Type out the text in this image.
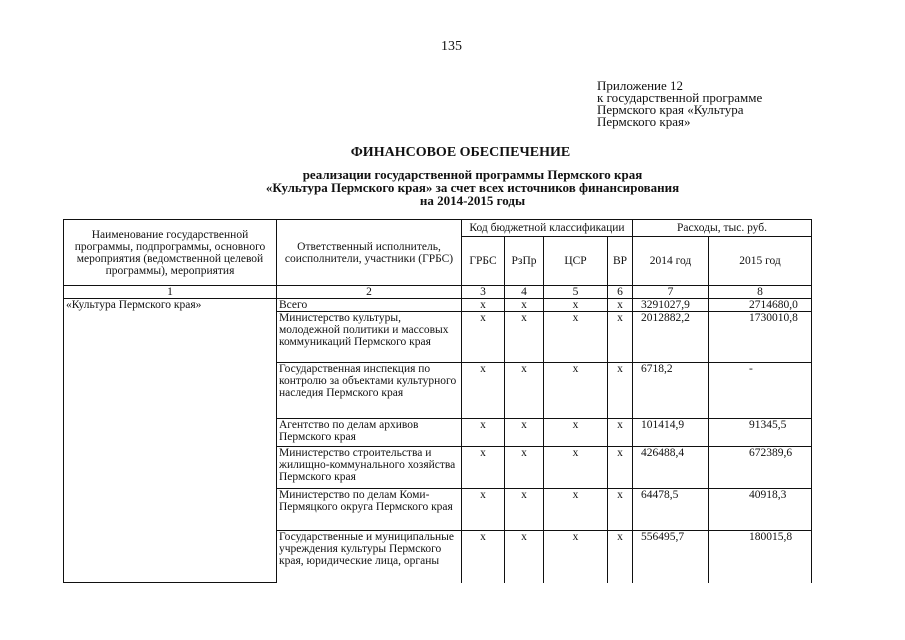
135
Приложение 12
к государственной программе
Пермского края «Культура
Пермского края»
ФИНАНСОВОЕ ОБЕСПЕЧЕНИЕ
реализации государственной программы Пермского края
«Культура Пермского края» за счет всех источников финансирования
на 2014-2015 годы
Наименование государственной программы, подпрограммы, основного мероприятия (ведомственной целевой программы), мероприятия	Ответственный исполнитель, соисполнители, участники (ГРБС)	Код бюджетной классификации				Расходы, тыс. руб.	
		ГРБС	РзПр	ЦСР	ВР	2014 год	2015 год
1	2	3	4	5	6	7	8
«Культура Пермского края»	Всего	x	x	x	x	3291027,9	2714680,0
	Министерство культуры, молодежной политики и массовых коммуникаций Пермского края	x	x	x	x	2012882,2	1730010,8
	Государственная инспекция по контролю за объектами культурного наследия Пермского края	x	x	x	x	6718,2	-
	Агентство по делам архивов Пермского края	x	x	x	x	101414,9	91345,5
	Министерство строительства и жилищно-коммунального хозяйства Пермского края	x	x	x	x	426488,4	672389,6
	Министерство по делам Коми-Пермяцкого округа Пермского края	x	x	x	x	64478,5	40918,3
	Государственные и муниципальные учреждения культуры Пермского края, юридические лица, органы	x	x	x	x	556495,7	180015,8
